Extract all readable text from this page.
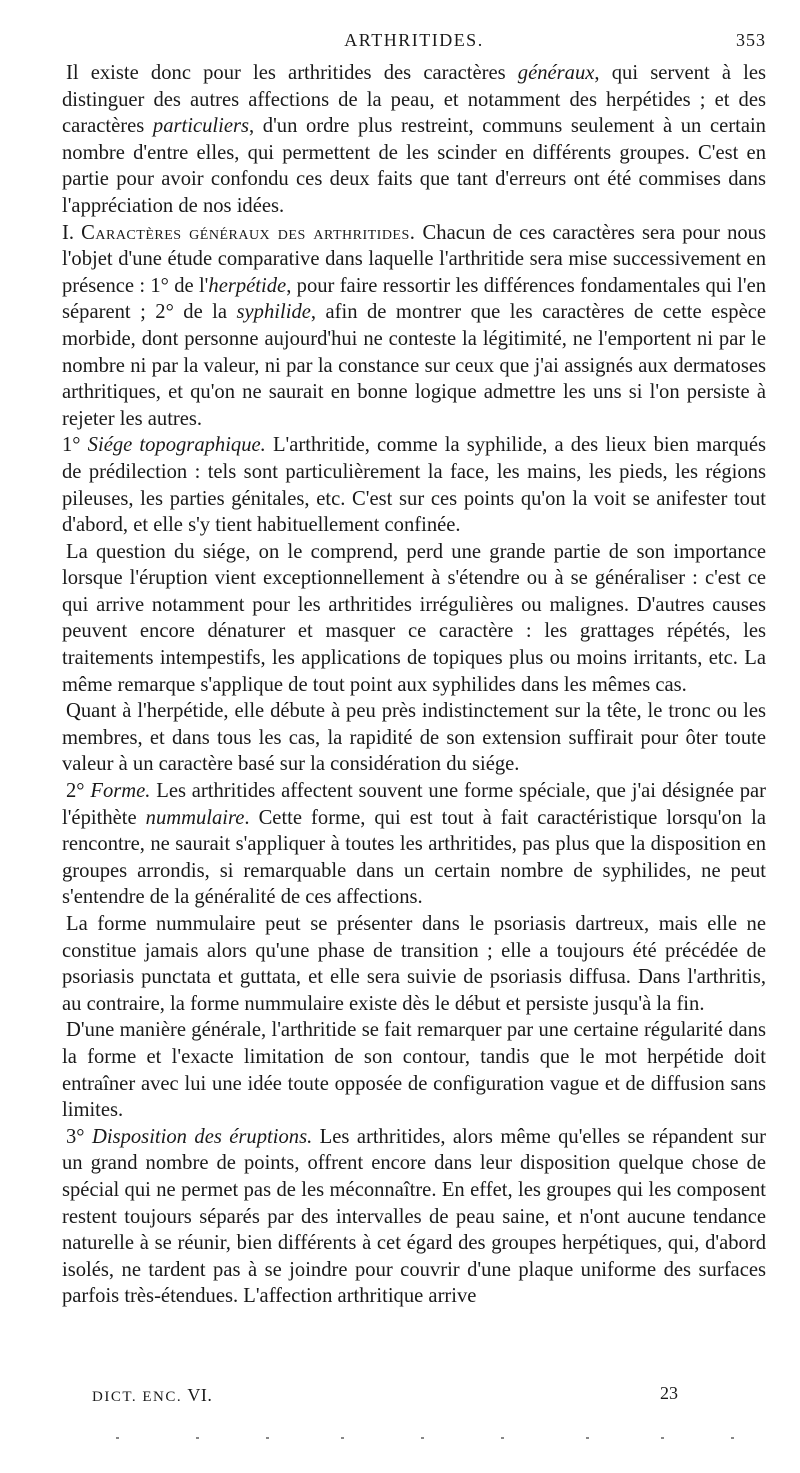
ARTHRITIDES.	353

Il existe donc pour les arthritides des caractères généraux, qui servent à les distinguer des autres affections de la peau, et notamment des herpétides ; et des caractères particuliers, d'un ordre plus restreint, communs seulement à un certain nombre d'entre elles, qui permettent de les scinder en différents groupes. C'est en partie pour avoir confondu ces deux faits que tant d'erreurs ont été commises dans l'appréciation de nos idées.

I. Caractères généraux des arthritides. Chacun de ces caractères sera pour nous l'objet d'une étude comparative dans laquelle l'arthritide sera mise successivement en présence : 1° de l'herpétide, pour faire ressortir les différences fondamentales qui l'en séparent ; 2° de la syphilide, afin de montrer que les caractères de cette espèce morbide, dont personne aujourd'hui ne conteste la légitimité, ne l'emportent ni par le nombre ni par la valeur, ni par la constance sur ceux que j'ai assignés aux dermatoses arthritiques, et qu'on ne saurait en bonne logique admettre les uns si l'on persiste à rejeter les autres.

1° Siége topographique. L'arthritide, comme la syphilide, a des lieux bien marqués de prédilection : tels sont particulièrement la face, les mains, les pieds, les régions pileuses, les parties génitales, etc. C'est sur ces points qu'on la voit se anifester tout d'abord, et elle s'y tient habituellement confinée.

La question du siége, on le comprend, perd une grande partie de son importance lorsque l'éruption vient exceptionnellement à s'étendre ou à se généraliser : c'est ce qui arrive notamment pour les arthritides irrégulières ou malignes. D'autres causes peuvent encore dénaturer et masquer ce caractère : les grattages répétés, les traitements intempestifs, les applications de topiques plus ou moins irritants, etc. La même remarque s'applique de tout point aux syphilides dans les mêmes cas.

Quant à l'herpétide, elle débute à peu près indistinctement sur la tête, le tronc ou les membres, et dans tous les cas, la rapidité de son extension suffirait pour ôter toute valeur à un caractère basé sur la considération du siége.

2° Forme. Les arthritides affectent souvent une forme spéciale, que j'ai désignée par l'épithète nummulaire. Cette forme, qui est tout à fait caractéristique lorsqu'on la rencontre, ne saurait s'appliquer à toutes les arthritides, pas plus que la disposition en groupes arrondis, si remarquable dans un certain nombre de syphilides, ne peut s'entendre de la généralité de ces affections.

La forme nummulaire peut se présenter dans le psoriasis dartreux, mais elle ne constitue jamais alors qu'une phase de transition ; elle a toujours été précédée de psoriasis punctata et guttata, et elle sera suivie de psoriasis diffusa. Dans l'arthritis, au contraire, la forme nummulaire existe dès le début et persiste jusqu'à la fin.

D'une manière générale, l'arthritide se fait remarquer par une certaine régularité dans la forme et l'exacte limitation de son contour, tandis que le mot herpétide doit entraîner avec lui une idée toute opposée de configuration vague et de diffusion sans limites.

3° Disposition des éruptions. Les arthritides, alors même qu'elles se répandent sur un grand nombre de points, offrent encore dans leur disposition quelque chose de spécial qui ne permet pas de les méconnaître. En effet, les groupes qui les composent restent toujours séparés par des intervalles de peau saine, et n'ont aucune tendance naturelle à se réunir, bien différents à cet égard des groupes herpétiques, qui, d'abord isolés, ne tardent pas à se joindre pour couvrir d'une plaque uniforme des surfaces parfois très-étendues. L'affection arthritique arrive

DICT. ENC. VI.	23
